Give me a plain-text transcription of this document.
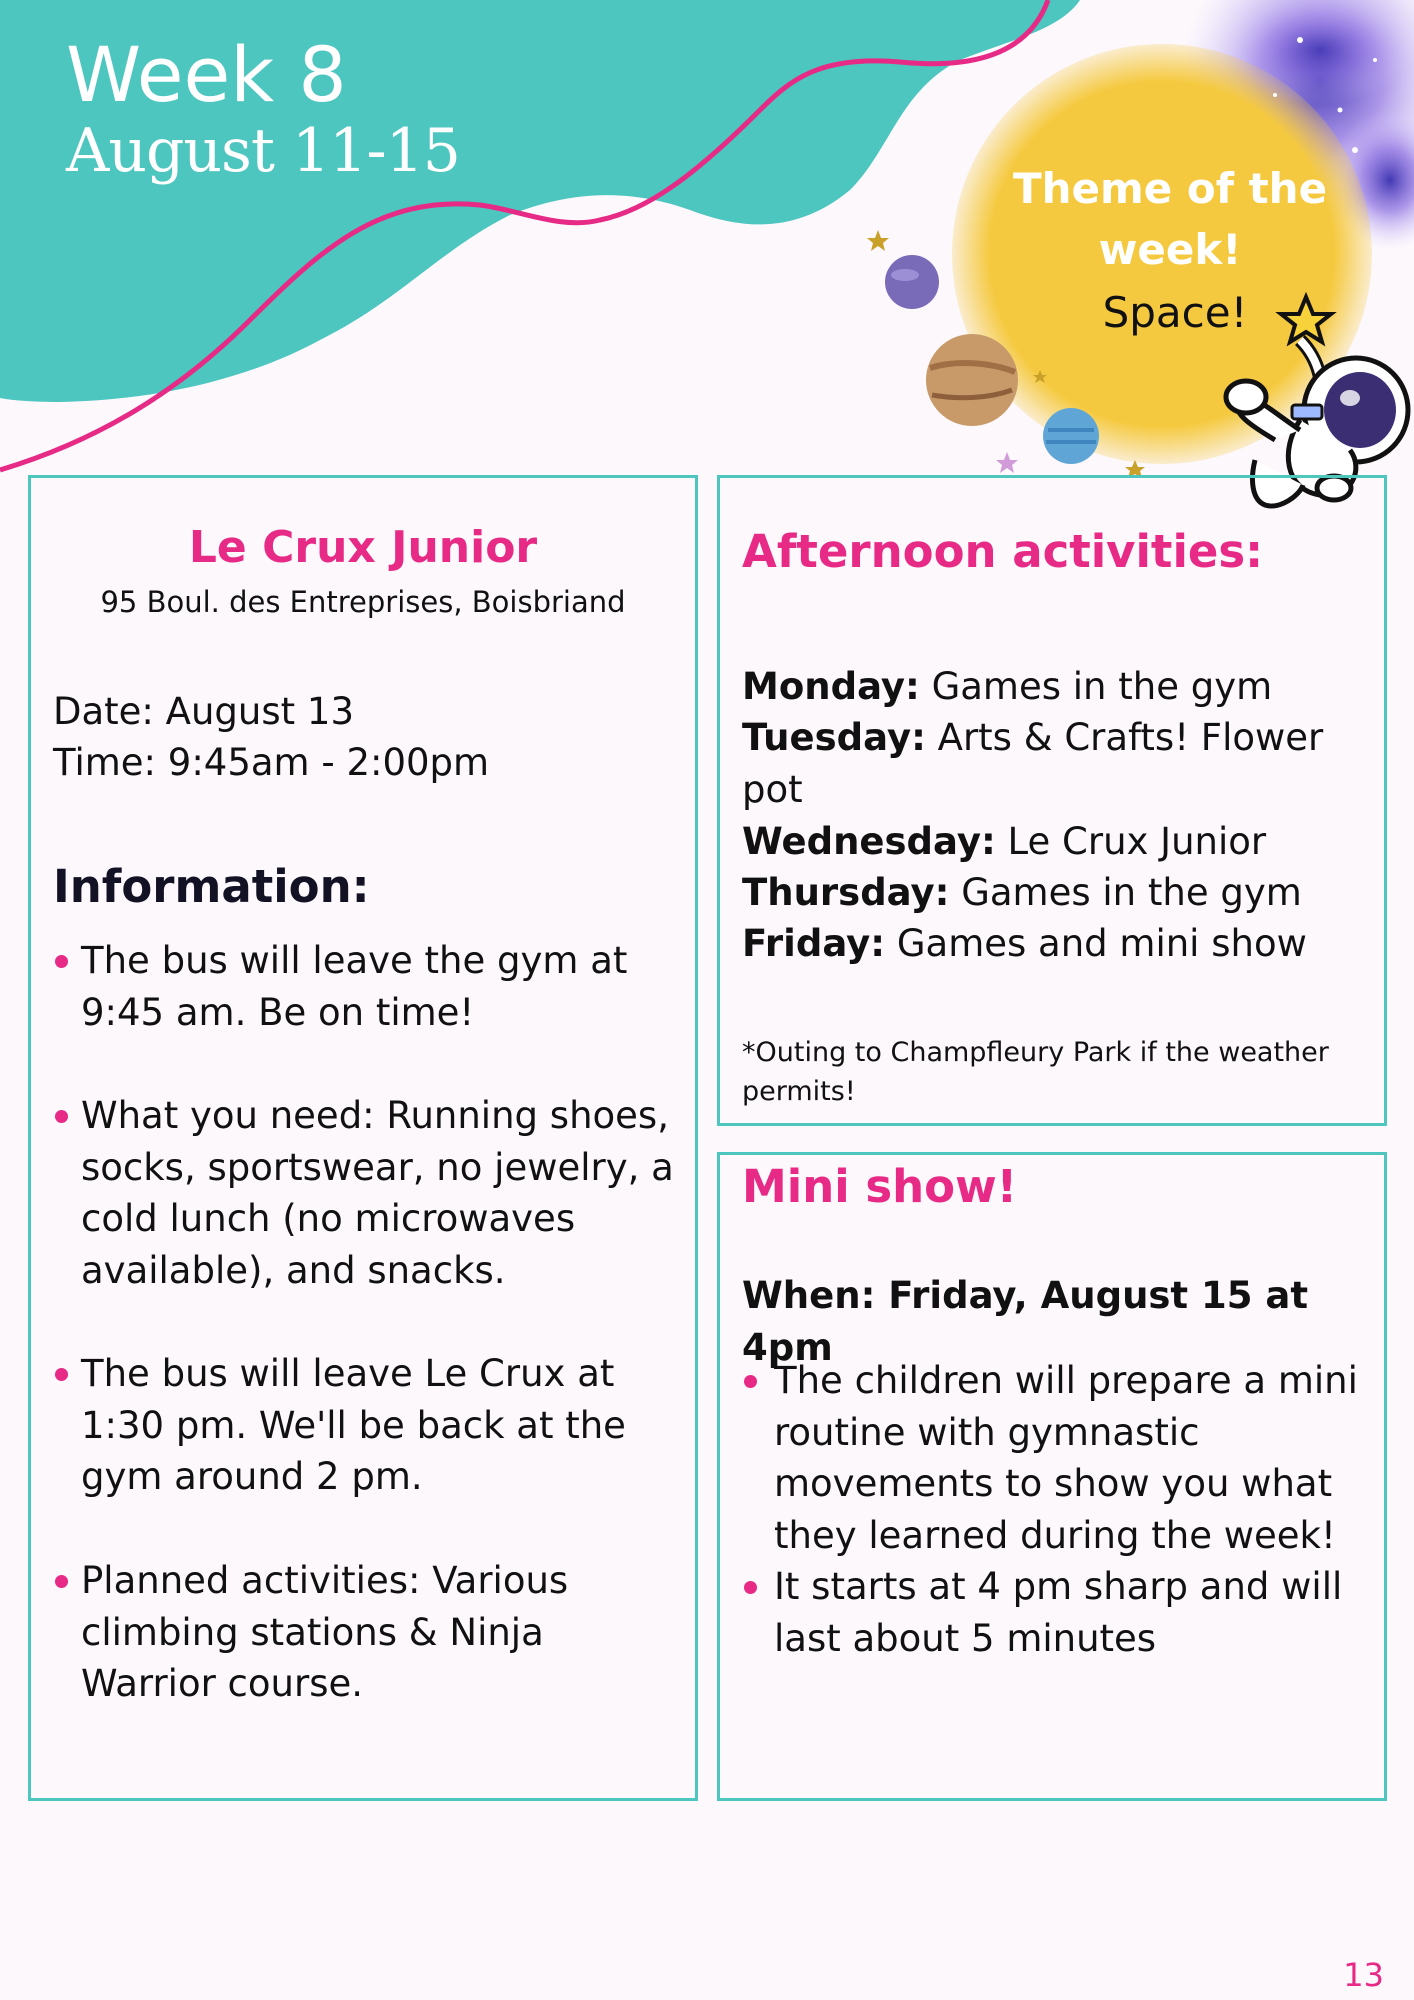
Week 8

August 11-15

Theme of the week!

Space!

Le Crux Junior

95 Boul. des Entreprises, Boisbriand

Date: August 13

Time: 9:45am - 2:00pm

Information:
The bus will leave the gym at 9:45 am. Be on time!
What you need: Running shoes, socks, sportswear, no jewelry, a cold lunch (no microwaves available), and snacks.
The bus will leave Le Crux at 1:30 pm. We'll be back at the gym around 2 pm.
Planned activities: Various climbing stations & Ninja Warrior course.
Afternoon activities:

Monday: Games in the gym

Tuesday: Arts & Crafts! Flower pot

Wednesday: Le Crux Junior

Thursday: Games in the gym

Friday: Games and mini show

*Outing to Champfleury Park if the weather permits!

Mini show!

When: Friday, August 15 at 4pm

The children will prepare a mini routine with gymnastic movements to show you what they learned during the week!
It starts at 4 pm sharp and will last about 5 minutes

13
